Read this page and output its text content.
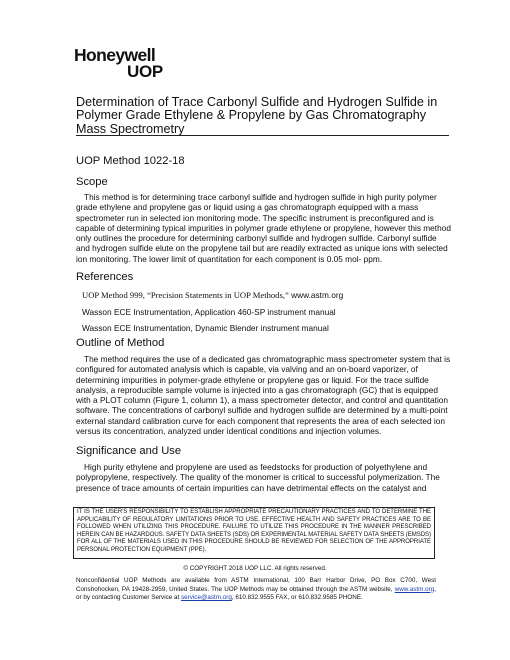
Honeywell
UOP
Determination of Trace Carbonyl Sulfide and Hydrogen Sulfide in Polymer Grade Ethylene & Propylene by Gas Chromatography Mass Spectrometry
UOP Method 1022-18
Scope
This method is for determining trace carbonyl sulfide and hydrogen sulfide in high purity polymer grade ethylene and propylene gas or liquid using a gas chromatograph equipped with a mass spectrometer run in selected ion monitoring mode. The specific instrument is preconfigured and is capable of determining typical impurities in polymer grade ethylene or propylene, however this method only outlines the procedure for determining carbonyl sulfide and hydrogen sulfide. Carbonyl sulfide and hydrogen sulfide elute on the propylene tail but are readily extracted as unique ions with selected ion monitoring. The lower limit of quantitation for each component is 0.05 mol- ppm.
References
UOP Method 999, “Precision Statements in UOP Methods,” www.astm.org
Wasson ECE Instrumentation, Application 460-SP instrument manual
Wasson ECE Instrumentation, Dynamic Blender instrument manual
Outline of Method
The method requires the use of a dedicated gas chromatographic mass spectrometer system that is configured for automated analysis which is capable, via valving and an on-board vaporizer, of determining impurities in polymer-grade ethylene or propylene gas or liquid. For the trace sulfide analysis, a reproducible sample volume is injected into a gas chromatograph (GC) that is equipped with a PLOT column (Figure 1, column 1), a mass spectrometer detector, and control and quantitation software. The concentrations of carbonyl sulfide and hydrogen sulfide are determined by a multi-point external standard calibration curve for each component that represents the area of each selected ion versus its concentration, analyzed under identical conditions and injection volumes.
Significance and Use
High purity ethylene and propylene are used as feedstocks for production of polyethylene and polypropylene, respectively. The quality of the monomer is critical to successful polymerization. The presence of trace amounts of certain impurities can have detrimental effects on the catalyst and
IT IS THE USER'S RESPONSIBILITY TO ESTABLISH APPROPRIATE PRECAUTIONARY PRACTICES AND TO DETERMINE THE APPLICABILITY OF REGULATORY LIMITATIONS PRIOR TO USE. EFFECTIVE HEALTH AND SAFETY PRACTICES ARE TO BE FOLLOWED WHEN UTILIZING THIS PROCEDURE. FAILURE TO UTILIZE THIS PROCEDURE IN THE MANNER PRESCRIBED HEREIN CAN BE HAZARDOUS. SAFETY DATA SHEETS (SDS) OR EXPERIMENTAL MATERIAL SAFETY DATA SHEETS (EMSDS) FOR ALL OF THE MATERIALS USED IN THIS PROCEDURE SHOULD BE REVIEWED FOR SELECTION OF THE APPROPRIATE PERSONAL PROTECTION EQUIPMENT (PPE).
© COPYRIGHT 2018 UOP LLC. All rights reserved.
Nonconfidential UOP Methods are available from ASTM International, 100 Barr Harbor Drive, PO Box C700, West Conshohocken, PA 19428-2959, United States. The UOP Methods may be obtained through the ASTM website, www.astm.org, or by contacting Customer Service at service@astm.org, 610.832.9555 FAX, or 610.832.9585 PHONE.
